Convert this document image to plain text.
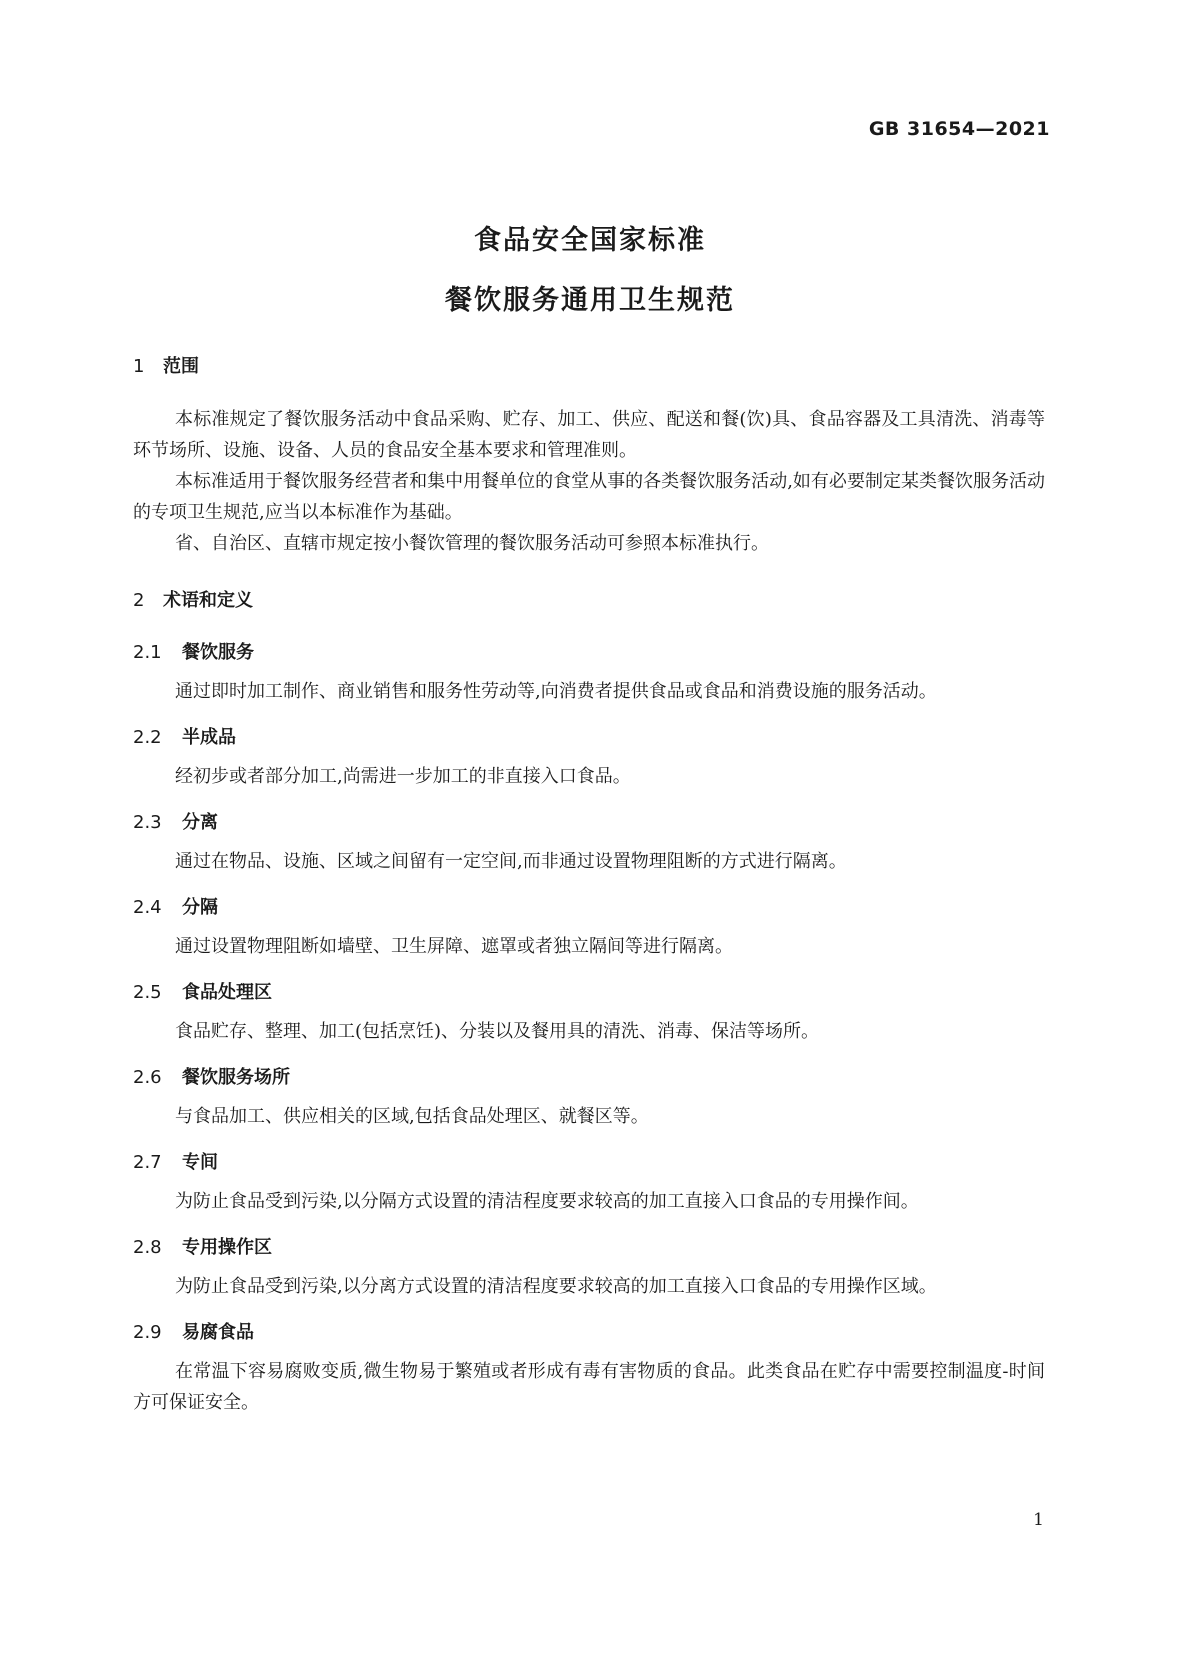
GB 31654—2021
食品安全国家标准
餐饮服务通用卫生规范
1 范围
本标准规定了餐饮服务活动中食品采购、贮存、加工、供应、配送和餐(饮)具、食品容器及工具清洗、消毒等环节场所、设施、设备、人员的食品安全基本要求和管理准则。
本标准适用于餐饮服务经营者和集中用餐单位的食堂从事的各类餐饮服务活动,如有必要制定某类餐饮服务活动的专项卫生规范,应当以本标准作为基础。
省、自治区、直辖市规定按小餐饮管理的餐饮服务活动可参照本标准执行。
2 术语和定义
2.1 餐饮服务
通过即时加工制作、商业销售和服务性劳动等,向消费者提供食品或食品和消费设施的服务活动。
2.2 半成品
经初步或者部分加工,尚需进一步加工的非直接入口食品。
2.3 分离
通过在物品、设施、区域之间留有一定空间,而非通过设置物理阻断的方式进行隔离。
2.4 分隔
通过设置物理阻断如墙壁、卫生屏障、遮罩或者独立隔间等进行隔离。
2.5 食品处理区
食品贮存、整理、加工(包括烹饪)、分装以及餐用具的清洗、消毒、保洁等场所。
2.6 餐饮服务场所
与食品加工、供应相关的区域,包括食品处理区、就餐区等。
2.7 专间
为防止食品受到污染,以分隔方式设置的清洁程度要求较高的加工直接入口食品的专用操作间。
2.8 专用操作区
为防止食品受到污染,以分离方式设置的清洁程度要求较高的加工直接入口食品的专用操作区域。
2.9 易腐食品
在常温下容易腐败变质,微生物易于繁殖或者形成有毒有害物质的食品。此类食品在贮存中需要控制温度-时间方可保证安全。
1
